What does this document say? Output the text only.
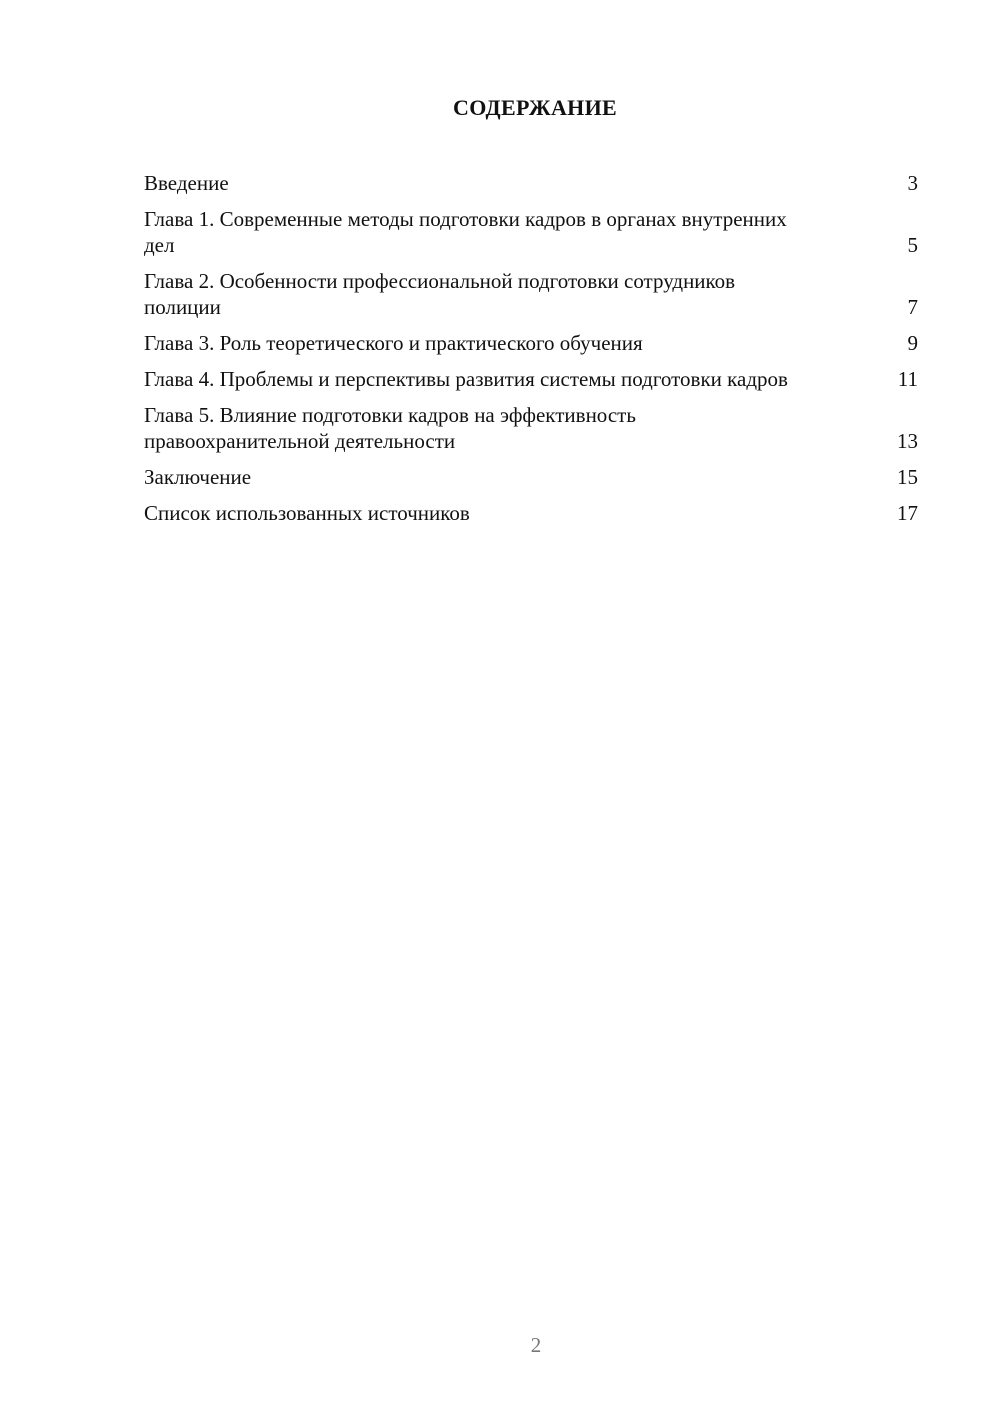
СОДЕРЖАНИЕ
Введение	3
Глава 1. Современные методы подготовки кадров в органах внутренних дел	5
Глава 2. Особенности профессиональной подготовки сотрудников полиции	7
Глава 3. Роль теоретического и практического обучения	9
Глава 4. Проблемы и перспективы развития системы подготовки кадров	11
Глава 5. Влияние подготовки кадров на эффективность правоохранительной деятельности	13
Заключение	15
Список использованных источников	17
2
